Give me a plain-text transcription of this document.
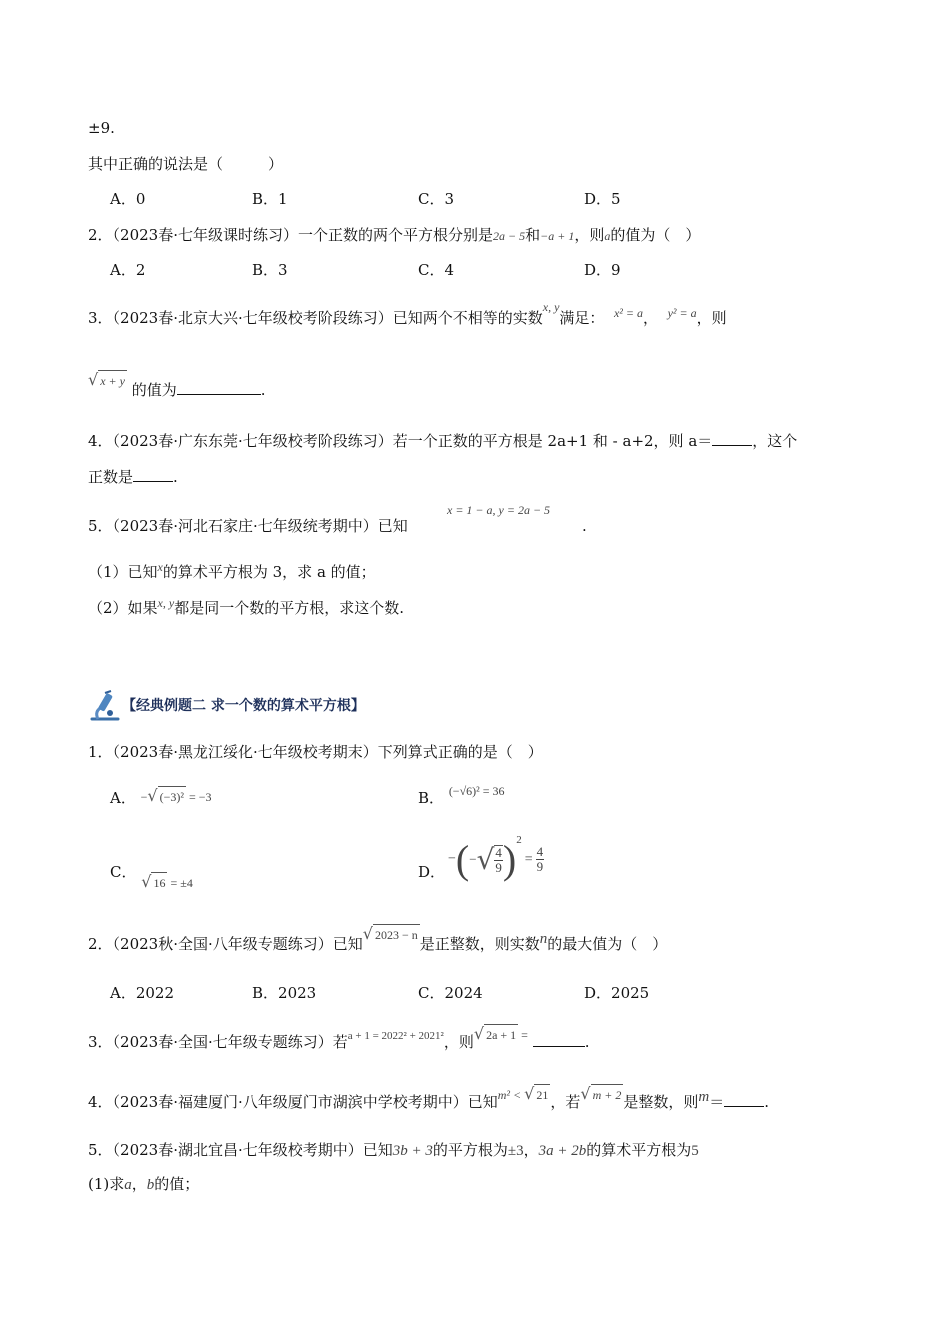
±9.
其中正确的说法是（　　　）
A．0	B．1	C．3	D．5
2．（2023春·七年级课时练习）一个正数的两个平方根分别是2a − 5和−a + 1，则a的值为（　）
A．2	B．3	C．4	D．9
3．（2023春·北京大兴·七年级校考阶段练习）已知两个不相等的实数$^{x, y}$满足： $^{x^2 = a}$， $^{y^2 = a}$，则
√ x + y 的值为	.
4．（2023春·广东东莞·七年级校考阶段练习）若一个正数的平方根是 2a+1 和 - a+2，则 a＝	，这个
正数是	.
5．（2023春·河北石家庄·七年级统考期中）已知
x = 1 − a, y = 2a − 5
.
（1）已知$^x$的算术平方根为 3，求 a 的值；
（2）如果$^{x, y}$都是同一个数的平方根，求这个数.
【经典例题二 求一个数的算术平方根】
1．（2023春·黑龙江绥化·七年级校考期末）下列算式正确的是（　）
A． −√ (−3)² = −3	B． $^{(-√6)^2 = 36}$
C． $_{√ 16 = \pm 4}$
D．
−(−√ $\frac{4}{9} )^2= \frac{4}{9}$
2．（2023秋·全国·八年级专题练习）已知$^{√ 2023 - n}$ 是正整数，则实数n的最大值为（　）
A．2022	B．2023	C．2024	D．2025
3．（2023春·全国·七年级专题练习）若$^{a + 1 = 2022^2 + 2021^2}$，则$^{√ 2a + 1 =}$	.
4．（2023春·福建厦门·八年级厦门市湖滨中学校考期中）已知$^{m^2 < √ 21}$ ，若$^{√ m + 2}$ 是整数，则m＝	.
5．（2023春·湖北宜昌·七年级校考期中）已知3b + 3的平方根为±3，3a + 2b的算术平方根为5
(1)求a，b的值；
